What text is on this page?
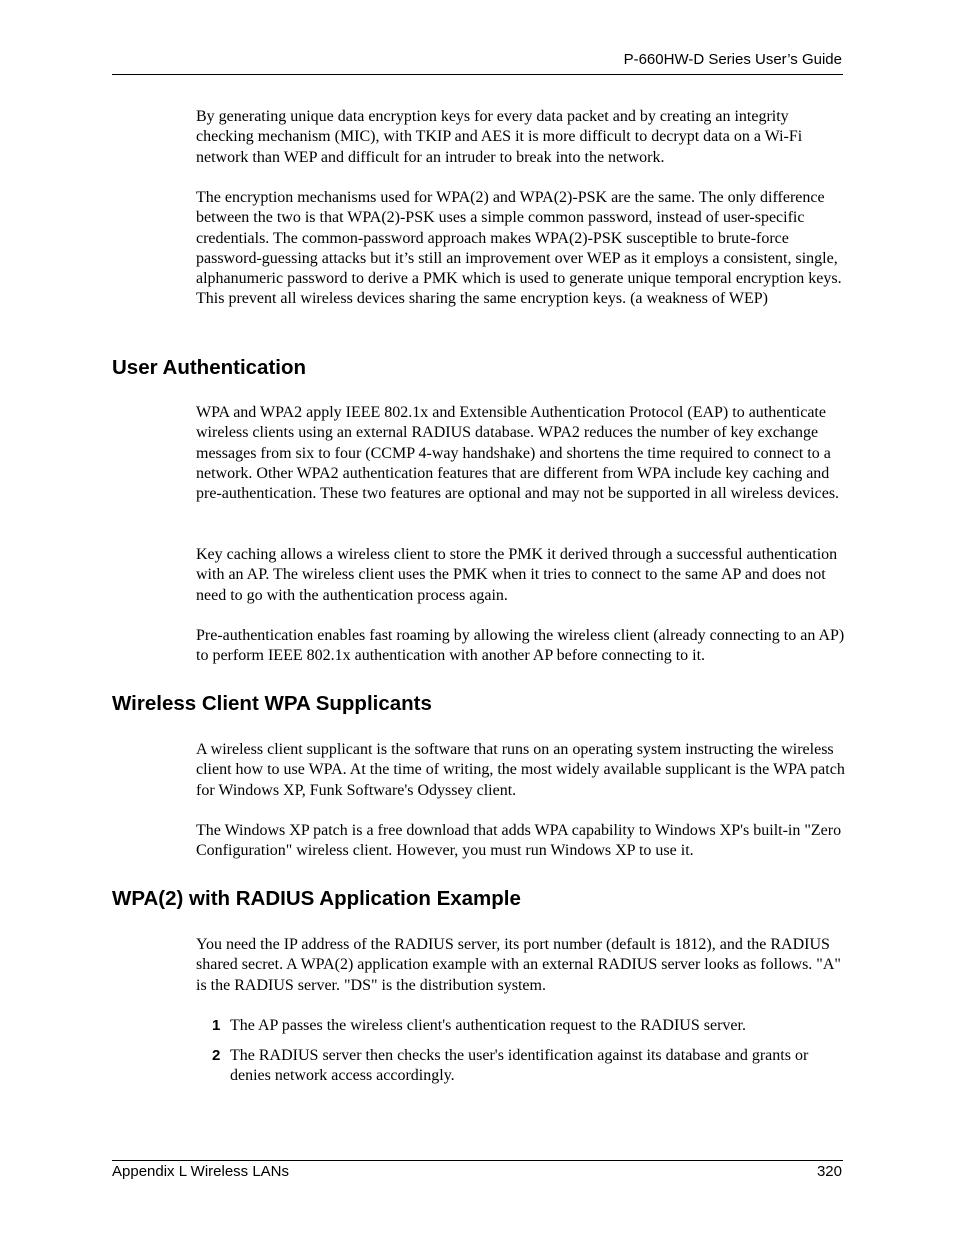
P-660HW-D Series User’s Guide

By generating unique data encryption keys for every data packet and by creating an integrity checking mechanism (MIC), with TKIP and AES it is more difficult to decrypt data on a Wi-Fi network than WEP and difficult for an intruder to break into the network.

The encryption mechanisms used for WPA(2) and WPA(2)-PSK are the same. The only difference between the two is that WPA(2)-PSK uses a simple common password, instead of user-specific credentials. The common-password approach makes WPA(2)-PSK susceptible to brute-force password-guessing attacks but it’s still an improvement over WEP as it employs a consistent, single, alphanumeric password to derive a PMK which is used to generate unique temporal encryption keys. This prevent all wireless devices sharing the same encryption keys. (a weakness of WEP)

User Authentication

WPA and WPA2 apply IEEE 802.1x and Extensible Authentication Protocol (EAP) to authenticate wireless clients using an external RADIUS database. WPA2 reduces the number of key exchange messages from six to four (CCMP 4-way handshake) and shortens the time required to connect to a network. Other WPA2 authentication features that are different from WPA include key caching and pre-authentication. These two features are optional and may not be supported in all wireless devices.

Key caching allows a wireless client to store the PMK it derived through a successful authentication with an AP. The wireless client uses the PMK when it tries to connect to the same AP and does not need to go with the authentication process again.

Pre-authentication enables fast roaming by allowing the wireless client (already connecting to an AP) to perform IEEE 802.1x authentication with another AP before connecting to it.

Wireless Client WPA Supplicants

A wireless client supplicant is the software that runs on an operating system instructing the wireless client how to use WPA. At the time of writing, the most widely available supplicant is the WPA patch for Windows XP, Funk Software's Odyssey client.

The Windows XP patch is a free download that adds WPA capability to Windows XP's built-in "Zero Configuration" wireless client. However, you must run Windows XP to use it.

WPA(2) with RADIUS Application Example

You need the IP address of the RADIUS server, its port number (default is 1812), and the RADIUS shared secret. A WPA(2) application example with an external RADIUS server looks as follows. "A" is the RADIUS server. "DS" is the distribution system.

1 The AP passes the wireless client's authentication request to the RADIUS server.
2 The RADIUS server then checks the user's identification against its database and grants or denies network access accordingly.
Appendix L Wireless LANs	320
